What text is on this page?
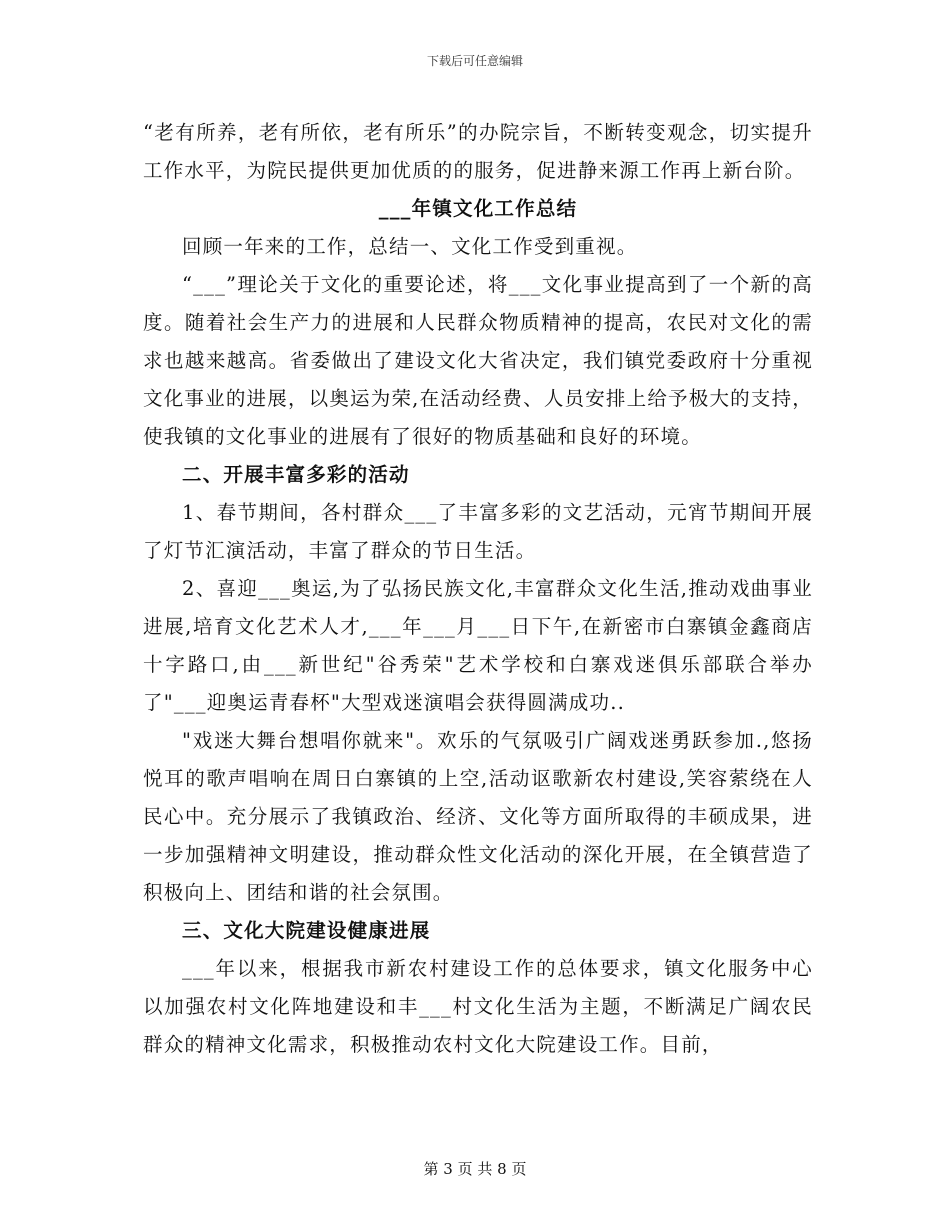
下载后可任意编辑

“老有所养，老有所依，老有所乐”的办院宗旨，不断转变观念，切实提升工作水平，为院民提供更加优质的的服务，促进静来源工作再上新台阶。

___年镇文化工作总结

回顾一年来的工作，总结一、文化工作受到重视。

“___”理论关于文化的重要论述，将___文化事业提高到了一个新的高度。随着社会生产力的进展和人民群众物质精神的提高，农民对文化的需求也越来越高。省委做出了建设文化大省决定，我们镇党委政府十分重视文化事业的进展，以奥运为荣,在活动经费、人员安排上给予极大的支持，使我镇的文化事业的进展有了很好的物质基础和良好的环境。

二、开展丰富多彩的活动

1、春节期间，各村群众___了丰富多彩的文艺活动，元宵节期间开展了灯节汇演活动，丰富了群众的节日生活。

2、喜迎___奥运,为了弘扬民族文化,丰富群众文化生活,推动戏曲事业进展,培育文化艺术人才,___年___月___日下午,在新密市白寨镇金鑫商店十字路口,由___新世纪"谷秀荣"艺术学校和白寨戏迷俱乐部联合举办了"___迎奥运青春杯"大型戏迷演唱会获得圆满成功..

"戏迷大舞台想唱你就来"。欢乐的气氛吸引广阔戏迷勇跃参加.,悠扬悦耳的歌声唱响在周日白寨镇的上空,活动讴歌新农村建设,笑容萦绕在人民心中。充分展示了我镇政治、经济、文化等方面所取得的丰硕成果，进一步加强精神文明建设，推动群众性文化活动的深化开展，在全镇营造了积极向上、团结和谐的社会氛围。

三、文化大院建设健康进展

___年以来，根据我市新农村建设工作的总体要求，镇文化服务中心以加强农村文化阵地建设和丰___村文化生活为主题，不断满足广阔农民群众的精神文化需求，积极推动农村文化大院建设工作。目前，

第 3 页 共 8 页
